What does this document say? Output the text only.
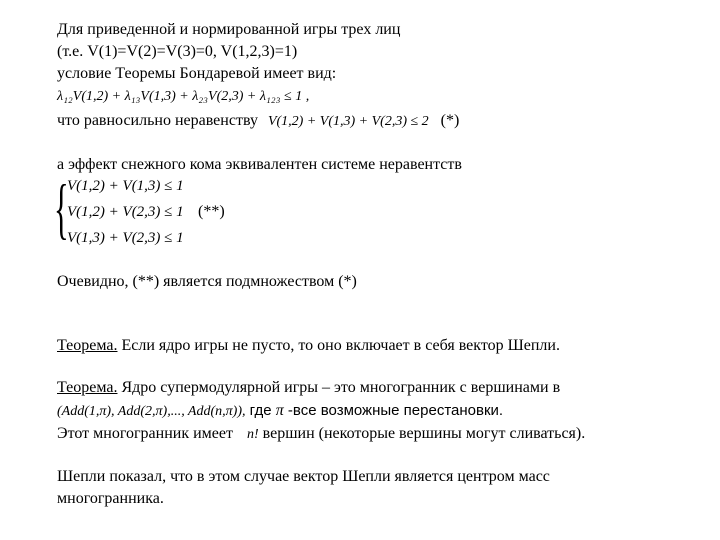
Для приведенной и нормированной игры трех лиц
(т.е. V(1)=V(2)=V(3)=0, V(1,2,3)=1)
условие Теоремы Бондаревой имеет вид:
λ₁₂V(1,2) + λ₁₃V(1,3) + λ₂₃V(2,3) + λ₁₂₃ ≤ 1 ,
что равносильно неравенству V(1,2) + V(1,3) + V(2,3) ≤ 2 (*)
а эффект снежного кома эквивалентен системе неравентств
{
V(1,2) + V(1,3) ≤ 1
V(1,2) + V(2,3) ≤ 1
V(1,3) + V(2,3) ≤ 1
(**)
Очевидно, (**) является подмножеством (*)
Теорема. Если ядро игры не пусто, то оно включает в себя вектор Шепли.
Теорема. Ядро супермодулярной игры – это многогранник с вершинами в
(Add(1,π), Add(2,π),..., Add(n,π)), где π -все возможные перестановки.
Этот многогранник имеет n! вершин (некоторые вершины могут сливаться).
Шепли показал, что в этом случае вектор Шепли является центром масс
многогранника.
